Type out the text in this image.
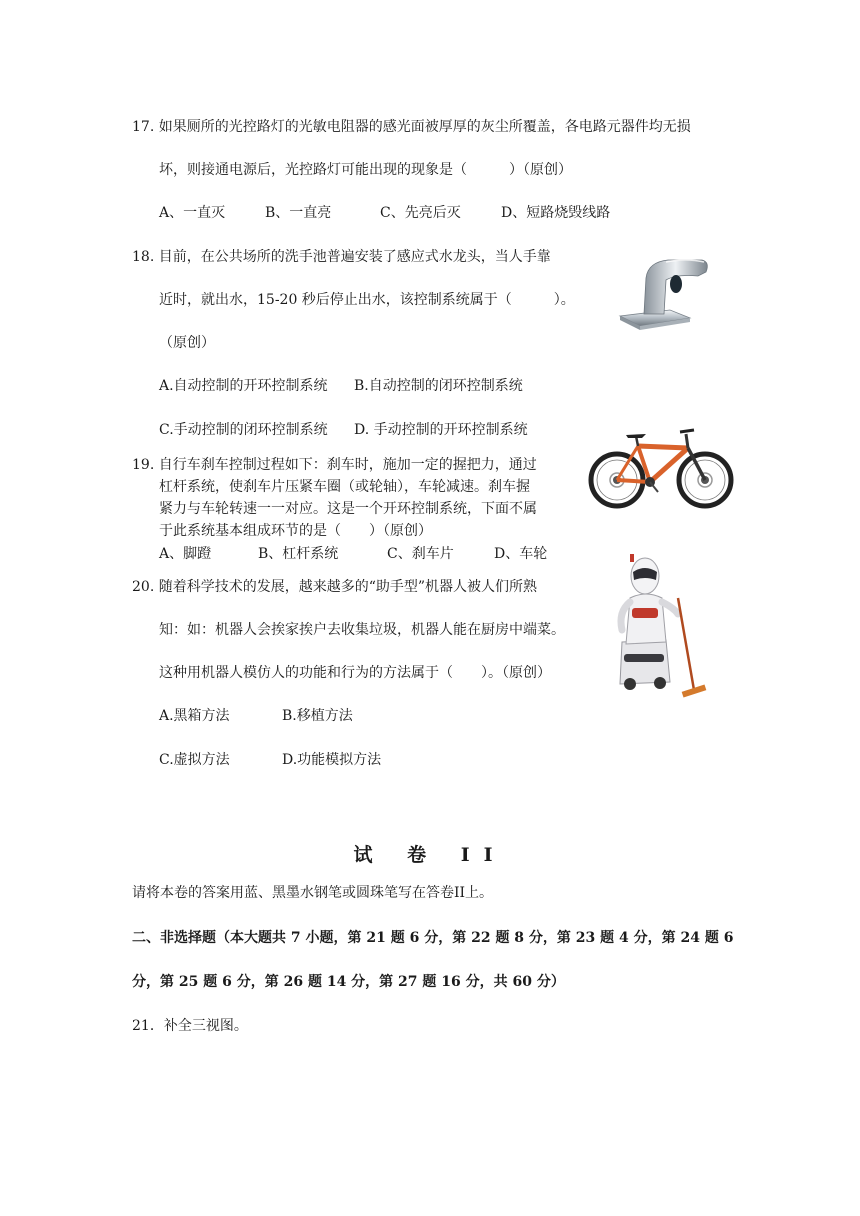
17. 如果厕所的光控路灯的光敏电阻器的感光面被厚厚的灰尘所覆盖，各电路元器件均无损
坏，则接通电源后，光控路灯可能出现的现象是（　　　）（原创）
A、一直灭	B、一直亮	C、先亮后灭	D、短路烧毁线路
18. 目前，在公共场所的洗手池普遍安装了感应式水龙头，当人手靠
近时，就出水，15-20 秒后停止出水，该控制系统属于（　　　）。
（原创）
A.自动控制的开环控制系统 B.自动控制的闭环控制系统
C.手动控制的闭环控制系统 D. 手动控制的开环控制系统
19. 自行车刹车控制过程如下：刹车时，施加一定的握把力，通过
杠杆系统，使刹车片压紧车圈（或轮轴），车轮减速。刹车握
紧力与车轮转速一一对应。这是一个开环控制系统，下面不属
于此系统基本组成环节的是（　　）（原创）
A、脚蹬	B、杠杆系统	C、刹车片	D、车轮
20. 随着科学技术的发展，越来越多的“助手型”机器人被人们所熟
知：如：机器人会挨家挨户去收集垃圾，机器人能在厨房中端菜。
这种用机器人模仿人的功能和行为的方法属于（　　）。（原创）
A.黑箱方法	B.移植方法
C.虚拟方法	D.功能模拟方法
试 卷 II
请将本卷的答案用蓝、黑墨水钢笔或圆珠笔写在答卷II上。
二、非选择题（本大题共 7 小题，第 21 题 6 分，第 22 题 8 分，第 23 题 4 分，第 24 题 6
分，第 25 题 6 分，第 26 题 14 分，第 27 题 16 分，共 60 分）
21．补全三视图。
